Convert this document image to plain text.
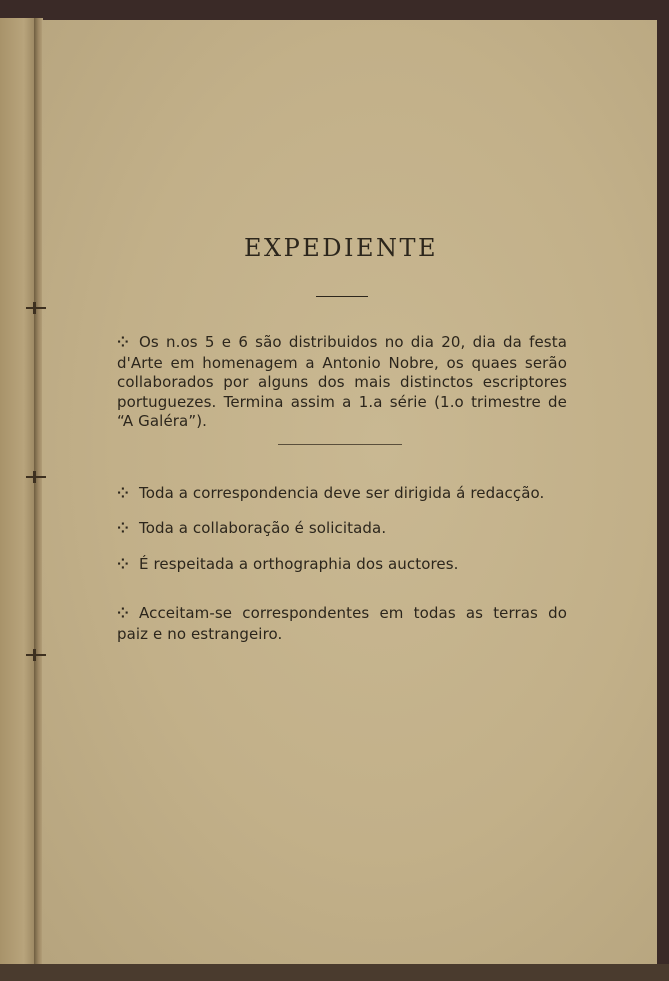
EXPEDIENTE
⁘ Os n.os 5 e 6 são distribuidos no dia 20, dia da festa d'Arte em homenagem a Antonio Nobre, os quaes serão collaborados por alguns dos mais distinctos escriptores portuguezes. Termina assim a 1.a série (1.o trimestre de “A Galéra”).
⁘ Toda a correspondencia deve ser dirigida á redacção.
⁘ Toda a collaboração é solicitada.
⁘ É respeitada a orthographia dos auctores.
⁘ Acceitam-se correspondentes em todas as terras do paiz e no estrangeiro.
